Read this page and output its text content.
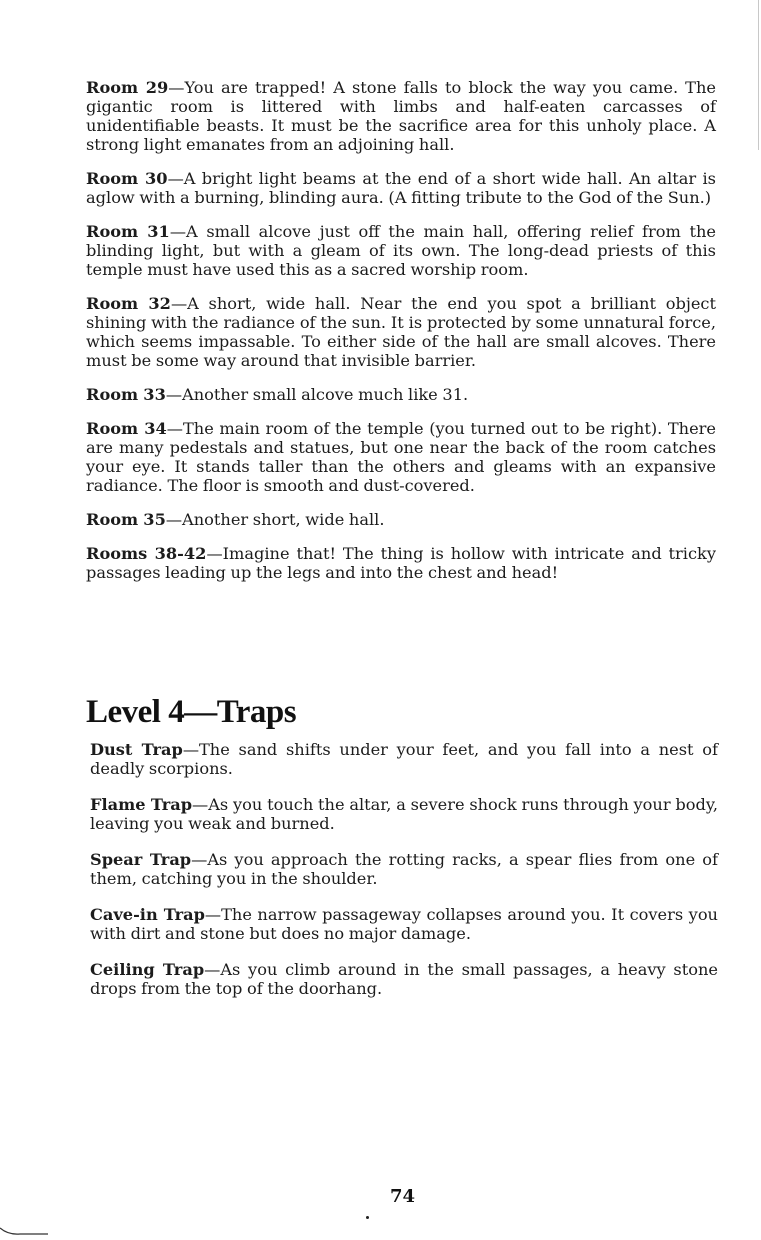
Room 29—You are trapped! A stone falls to block the way you came. The gigantic room is littered with limbs and half-eaten carcasses of unidentifiable beasts. It must be the sacrifice area for this unholy place. A strong light emanates from an adjoining hall.

Room 30—A bright light beams at the end of a short wide hall. An altar is aglow with a burning, blinding aura. (A fitting tribute to the God of the Sun.)

Room 31—A small alcove just off the main hall, offering relief from the blinding light, but with a gleam of its own. The long-dead priests of this temple must have used this as a sacred worship room.

Room 32—A short, wide hall. Near the end you spot a brilliant object shining with the radiance of the sun. It is protected by some unnatural force, which seems impassable. To either side of the hall are small alcoves. There must be some way around that invisible barrier.

Room 33—Another small alcove much like 31.

Room 34—The main room of the temple (you turned out to be right). There are many pedestals and statues, but one near the back of the room catches your eye. It stands taller than the others and gleams with an expansive radiance. The floor is smooth and dust-covered.

Room 35—Another short, wide hall.

Rooms 38-42—Imagine that! The thing is hollow with intricate and tricky passages leading up the legs and into the chest and head!

Level 4—Traps

Dust Trap—The sand shifts under your feet, and you fall into a nest of deadly scorpions.

Flame Trap—As you touch the altar, a severe shock runs through your body, leaving you weak and burned.

Spear Trap—As you approach the rotting racks, a spear flies from one of them, catching you in the shoulder.

Cave-in Trap—The narrow passageway collapses around you. It covers you with dirt and stone but does no major damage.

Ceiling Trap—As you climb around in the small passages, a heavy stone drops from the top of the doorhang.

74
